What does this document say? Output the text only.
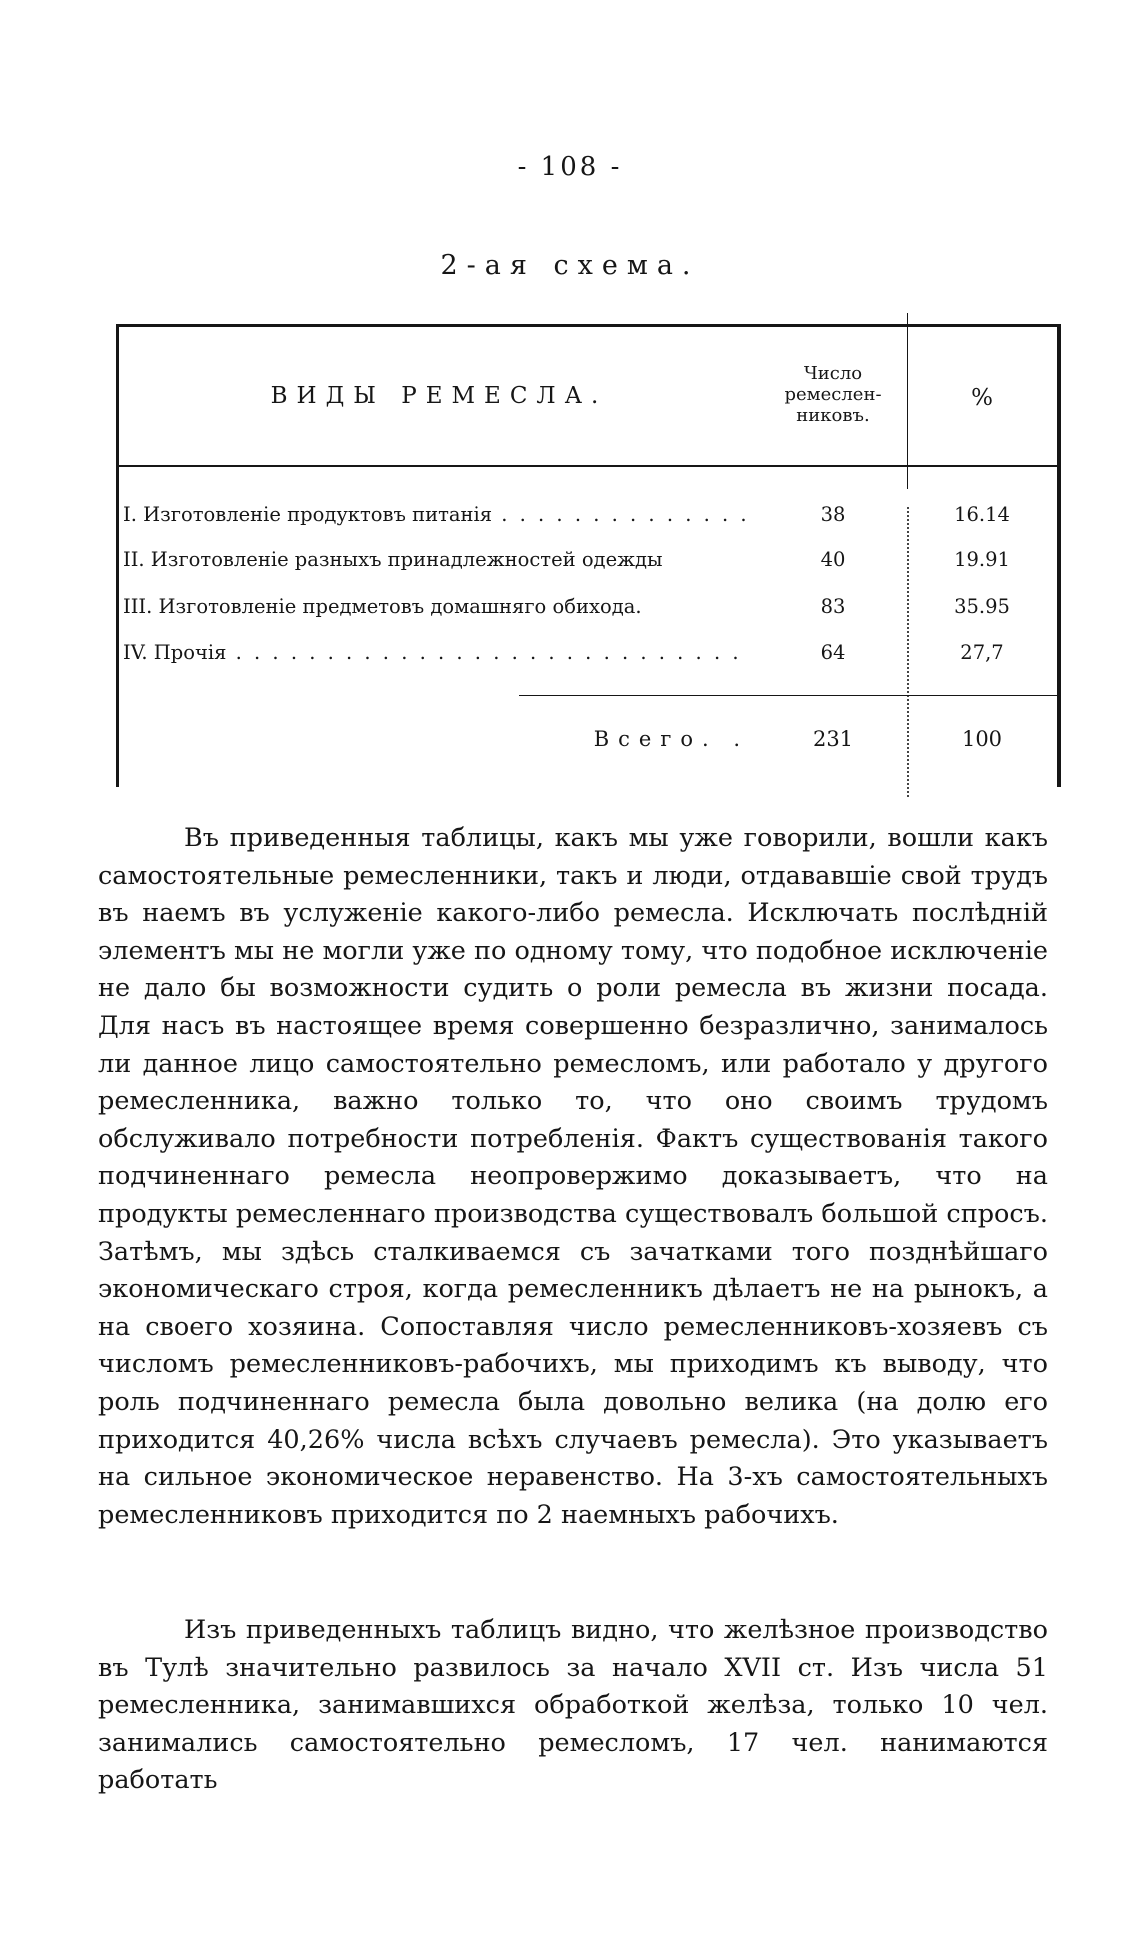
- 108 -
2-ая схема.
ВИДЫ РЕМЕСЛА.
Число ремеслен-никовъ.
%
I. Изготовленіе продуктовъ питанія . . .	38	16.14
II. Изготовленіе разныхъ принадлежностей одежды	40	19.91
III. Изготовленіе предметовъ домашняго обихода.	83	35.95
IV. Прочія . . .	64	27,7
Всего. .	231	100

Въ приведенныя таблицы, какъ мы уже говорили, вошли какъ самостоятельные ремесленники, такъ и люди, отдававшіе свой трудъ въ наемъ въ услуженіе какого-либо ремесла. Исключать послѣдній элементъ мы не могли уже по одному тому, что подобное исключеніе не дало бы возможности судить о роли ремесла въ жизни посада. Для насъ въ настоящее время совершенно безразлично, занималось ли данное лицо самостоятельно ремесломъ, или работало у другого ремесленника, важно только то, что оно своимъ трудомъ обслуживало потребности потребленія. Фактъ существованія такого подчиненнаго ремесла неопровержимо доказываетъ, что на продукты ремесленнаго производства существовалъ большой спросъ. Затѣмъ, мы здѣсь сталкиваемся съ зачатками того позднѣйшаго экономическаго строя, когда ремесленникъ дѣлаетъ не на рынокъ, а на своего хозяина. Сопоставляя число ремесленниковъ-хозяевъ съ числомъ ремесленниковъ-рабочихъ, мы приходимъ къ выводу, что роль подчиненнаго ремесла была довольно велика (на долю его приходится 40,26% числа всѣхъ случаевъ ремесла). Это указываетъ на сильное экономическое неравенство. На 3-хъ самостоятельныхъ ремесленниковъ приходится по 2 наемныхъ рабочихъ.

Изъ приведенныхъ таблицъ видно, что желѣзное производство въ Тулѣ значительно развилось за начало XVII ст. Изъ числа 51 ремесленника, занимавшихся обработкой желѣза, только 10 чел. занимались самостоятельно ремесломъ, 17 чел. нанимаются работать
